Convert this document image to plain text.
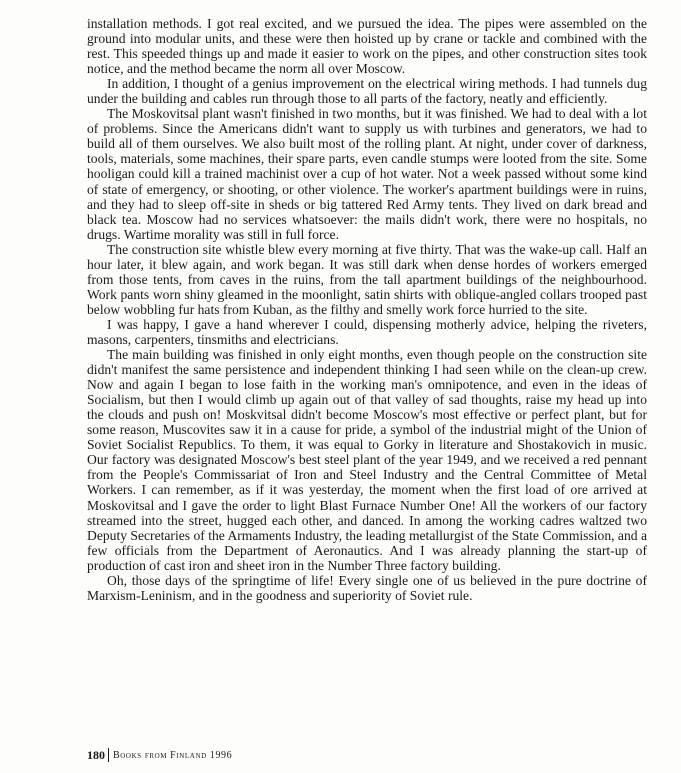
installation methods. I got real excited, and we pursued the idea. The pipes were assembled on the ground into modular units, and these were then hoisted up by crane or tackle and combined with the rest. This speeded things up and made it easier to work on the pipes, and other construction sites took notice, and the method became the norm all over Moscow.

In addition, I thought of a genius improvement on the electrical wiring methods. I had tunnels dug under the building and cables run through those to all parts of the factory, neatly and efficiently.

The Moskovitsal plant wasn't finished in two months, but it was finished. We had to deal with a lot of problems. Since the Americans didn't want to supply us with turbines and generators, we had to build all of them ourselves. We also built most of the rolling plant. At night, under cover of darkness, tools, materials, some machines, their spare parts, even candle stumps were looted from the site. Some hooligan could kill a trained machinist over a cup of hot water. Not a week passed without some kind of state of emergency, or shooting, or other violence. The worker's apartment buildings were in ruins, and they had to sleep off-site in sheds or big tattered Red Army tents. They lived on dark bread and black tea. Moscow had no services whatsoever: the mails didn't work, there were no hospitals, no drugs. Wartime morality was still in full force.

The construction site whistle blew every morning at five thirty. That was the wake-up call. Half an hour later, it blew again, and work began. It was still dark when dense hordes of workers emerged from those tents, from caves in the ruins, from the tall apartment buildings of the neighbourhood. Work pants worn shiny gleamed in the moonlight, satin shirts with oblique-angled collars trooped past below wobbling fur hats from Kuban, as the filthy and smelly work force hurried to the site.

I was happy, I gave a hand wherever I could, dispensing motherly advice, helping the riveters, masons, carpenters, tinsmiths and electricians.

The main building was finished in only eight months, even though people on the construction site didn't manifest the same persistence and independent thinking I had seen while on the clean-up crew. Now and again I began to lose faith in the working man's omnipotence, and even in the ideas of Socialism, but then I would climb up again out of that valley of sad thoughts, raise my head up into the clouds and push on! Moskvitsal didn't become Moscow's most effective or perfect plant, but for some reason, Muscovites saw it in a cause for pride, a symbol of the industrial might of the Union of Soviet Socialist Republics. To them, it was equal to Gorky in literature and Shostakovich in music. Our factory was designated Moscow's best steel plant of the year 1949, and we received a red pennant from the People's Commissariat of Iron and Steel Industry and the Central Committee of Metal Workers. I can remember, as if it was yesterday, the moment when the first load of ore arrived at Moskovitsal and I gave the order to light Blast Furnace Number One! All the workers of our factory streamed into the street, hugged each other, and danced. In among the working cadres waltzed two Deputy Secretaries of the Armaments Industry, the leading metallurgist of the State Commission, and a few officials from the Department of Aeronautics. And I was already planning the start-up of production of cast iron and sheet iron in the Number Three factory building.

Oh, those days of the springtime of life! Every single one of us believed in the pure doctrine of Marxism-Leninism, and in the goodness and superiority of Soviet rule.

180 Books from Finland 1996
